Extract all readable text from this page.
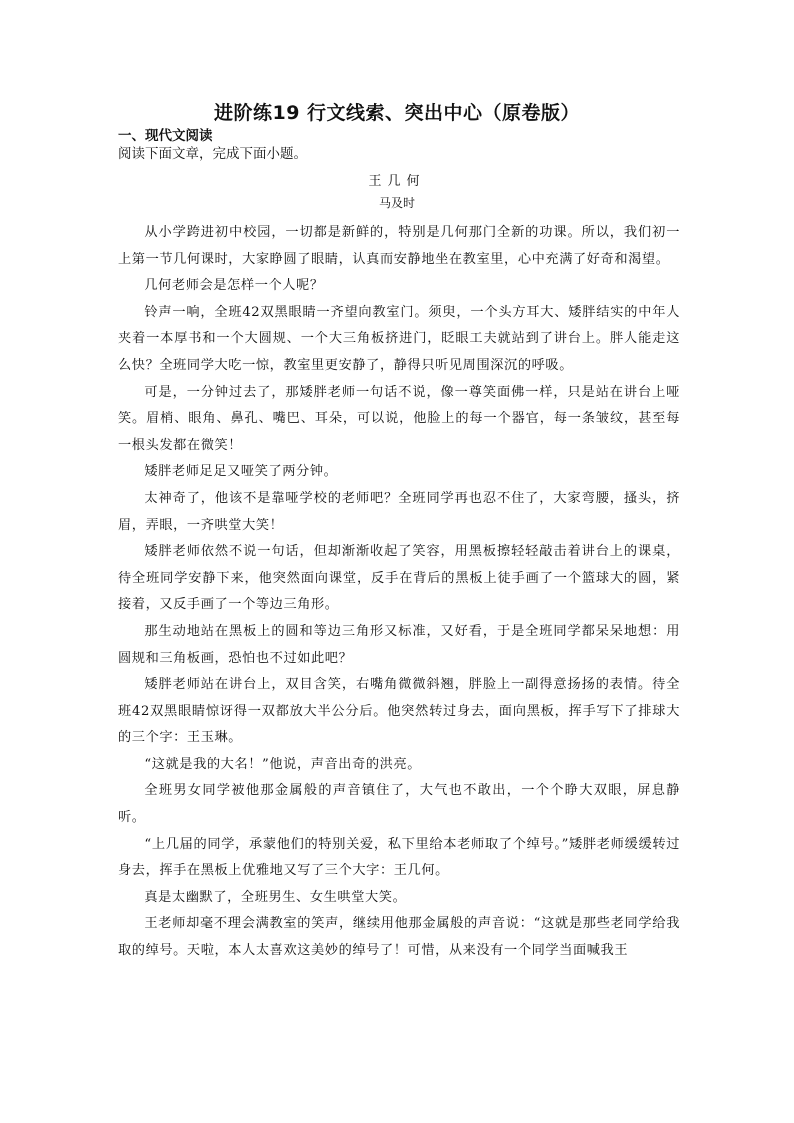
进阶练19 行文线索、突出中心（原卷版）
一、现代文阅读
阅读下面文章，完成下面小题。
王几何
马及时

从小学跨进初中校园，一切都是新鲜的，特别是几何那门全新的功课。所以，我们初一上第一节几何课时，大家睁圆了眼睛，认真而安静地坐在教室里，心中充满了好奇和渴望。

几何老师会是怎样一个人呢？

铃声一响，全班42双黑眼睛一齐望向教室门。须臾，一个头方耳大、矮胖结实的中年人夹着一本厚书和一个大圆规、一个大三角板挤进门，眨眼工夫就站到了讲台上。胖人能走这么快？全班同学大吃一惊，教室里更安静了，静得只听见周围深沉的呼吸。

可是，一分钟过去了，那矮胖老师一句话不说，像一尊笑面佛一样，只是站在讲台上哑笑。眉梢、眼角、鼻孔、嘴巴、耳朵，可以说，他脸上的每一个器官，每一条皱纹，甚至每一根头发都在微笑！

矮胖老师足足又哑笑了两分钟。

太神奇了，他该不是靠哑学校的老师吧？全班同学再也忍不住了，大家弯腰，搔头，挤眉，弄眼，一齐哄堂大笑！

矮胖老师依然不说一句话，但却渐渐收起了笑容，用黑板擦轻轻敲击着讲台上的课桌，待全班同学安静下来，他突然面向课堂，反手在背后的黑板上徒手画了一个篮球大的圆，紧接着，又反手画了一个等边三角形。

那生动地站在黑板上的圆和等边三角形又标准，又好看，于是全班同学都呆呆地想：用圆规和三角板画，恐怕也不过如此吧？

矮胖老师站在讲台上，双目含笑，右嘴角微微斜翘，胖脸上一副得意扬扬的表情。待全班42双黑眼睛惊讶得一双都放大半公分后。他突然转过身去，面向黑板，挥手写下了排球大的三个字：王玉琳。

“这就是我的大名！”他说，声音出奇的洪亮。

全班男女同学被他那金属般的声音镇住了，大气也不敢出，一个个睁大双眼，屏息静听。

“上几届的同学，承蒙他们的特别关爱，私下里给本老师取了个绰号。”矮胖老师缓缓转过身去，挥手在黑板上优雅地又写了三个大字：王几何。

真是太幽默了，全班男生、女生哄堂大笑。

王老师却毫不理会满教室的笑声，继续用他那金属般的声音说：“这就是那些老同学给我取的绰号。天啦，本人太喜欢这美妙的绰号了！可惜，从来没有一个同学当面喊我王
